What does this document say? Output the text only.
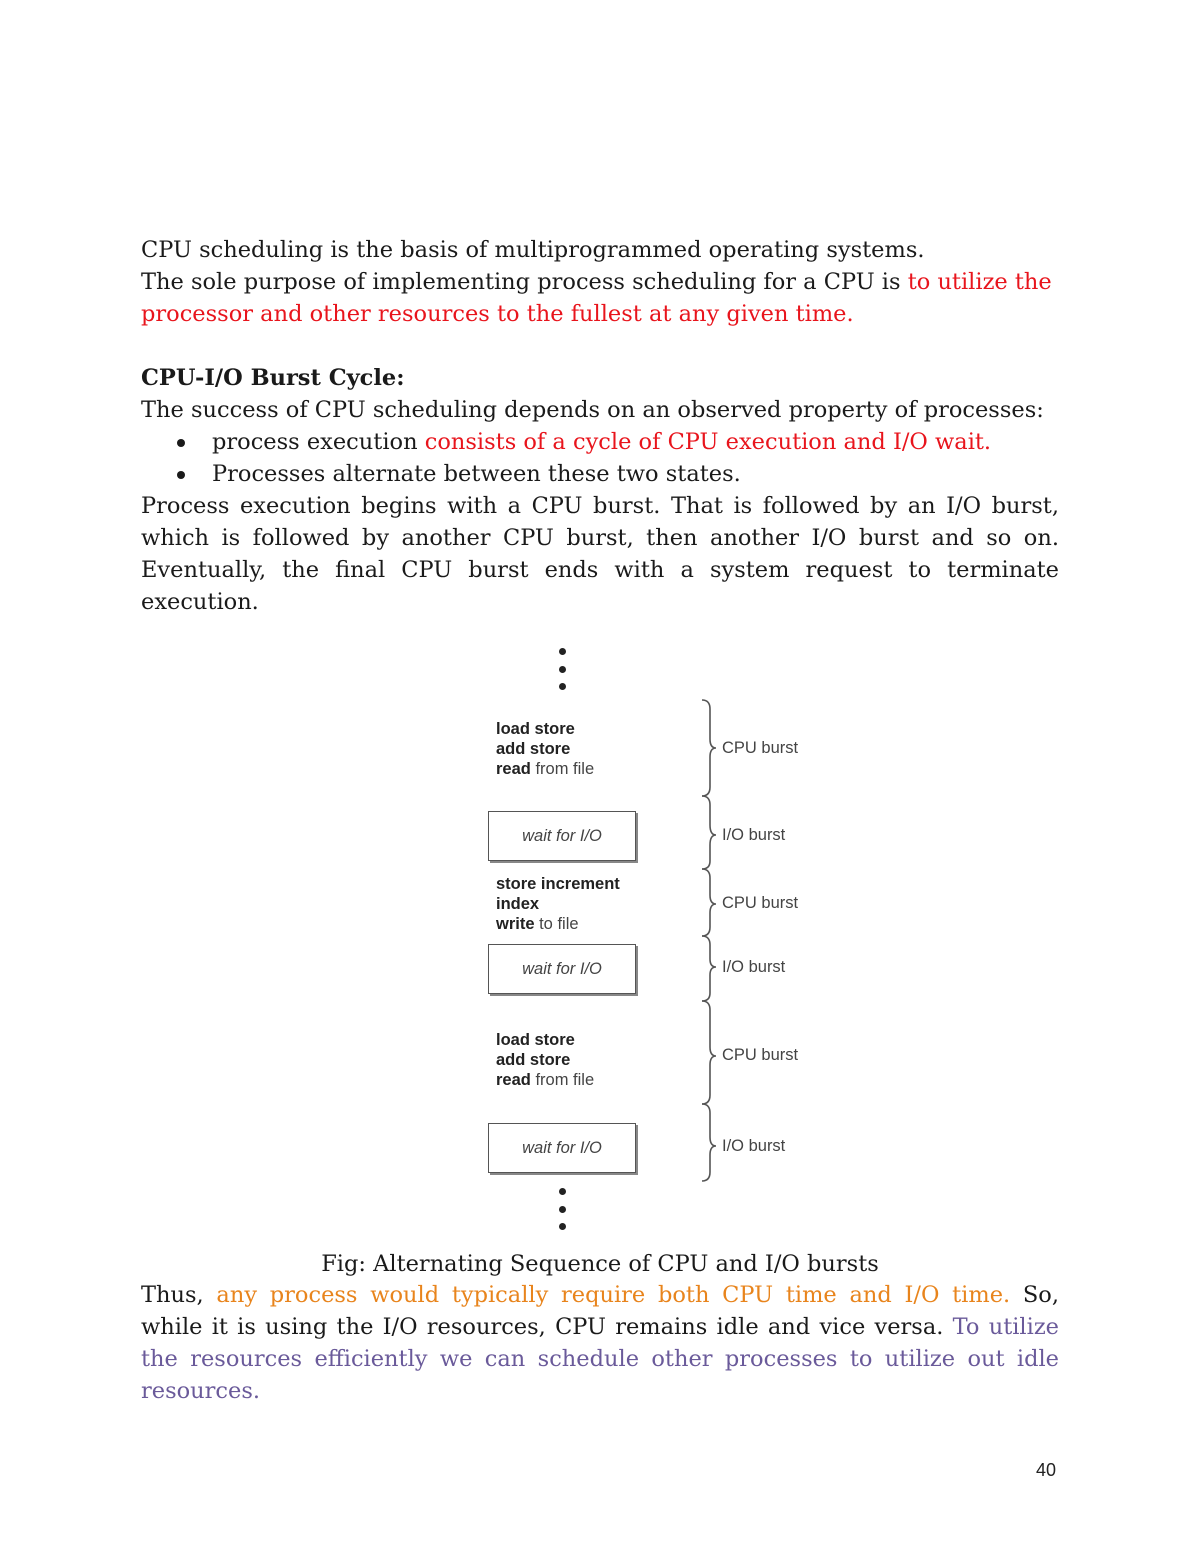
CPU scheduling is the basis of multiprogrammed operating systems.
The sole purpose of implementing process scheduling for a CPU is to utilize the
processor and other resources to the fullest at any given time.
CPU-I/O Burst Cycle:
The success of CPU scheduling depends on an observed property of processes:
process execution consists of a cycle of CPU execution and I/O wait.
Processes alternate between these two states.
Process execution begins with a CPU burst. That is followed by an I/O burst,
which is followed by another CPU burst, then another I/O burst and so on.
Eventually, the final CPU burst ends with a system request to terminate
execution.
load store
add store
read from file
wait for I/O
store increment
index
write to file
wait for I/O
load store
add store
read from file
wait for I/O
CPU burst
I/O burst
CPU burst
I/O burst
CPU burst
I/O burst
Fig: Alternating Sequence of CPU and I/O bursts
Thus, any process would typically require both CPU time and I/O time. So,
while it is using the I/O resources, CPU remains idle and vice versa. To utilize
the resources efficiently we can schedule other processes to utilize out idle
resources.
40
